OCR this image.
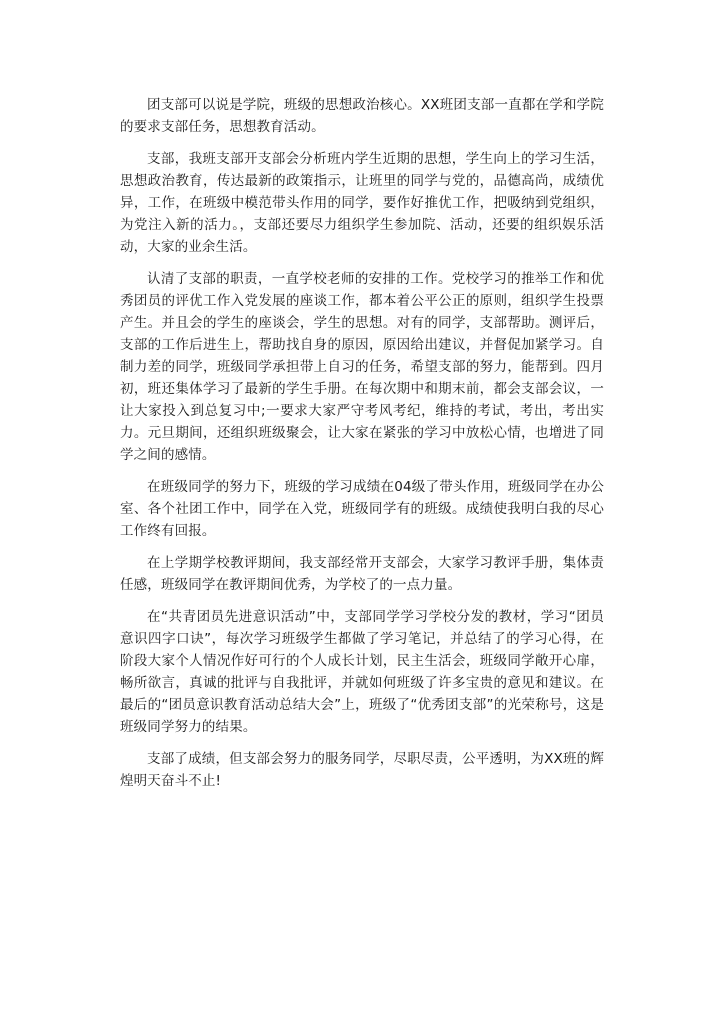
团支部可以说是学院，班级的思想政治核心。XX班团支部一直都在学和学院的要求支部任务，思想教育活动。

支部，我班支部开支部会分析班内学生近期的思想，学生向上的学习生活，思想政治教育，传达最新的政策指示，让班里的同学与党的，品德高尚，成绩优异，工作，在班级中模范带头作用的同学，要作好推优工作，把吸纳到党组织，为党注入新的活力。，支部还要尽力组织学生参加院、活动，还要的组织娱乐活动，大家的业余生活。

认清了支部的职责，一直学校老师的安排的工作。党校学习的推举工作和优秀团员的评优工作入党发展的座谈工作，都本着公平公正的原则，组织学生投票产生。并且会的学生的座谈会，学生的思想。对有的同学，支部帮助。测评后，支部的工作后进生上，帮助找自身的原因，原因给出建议，并督促加紧学习。自制力差的同学，班级同学承担带上自习的任务，希望支部的努力，能帮到。四月初，班还集体学习了最新的学生手册。在每次期中和期末前，都会支部会议，一让大家投入到总复习中;一要求大家严守考风考纪，维持的考试，考出，考出实力。元旦期间，还组织班级聚会，让大家在紧张的学习中放松心情，也增进了同学之间的感情。

在班级同学的努力下，班级的学习成绩在04级了带头作用，班级同学在办公室、各个社团工作中，同学在入党，班级同学有的班级。成绩使我明白我的尽心工作终有回报。

在上学期学校教评期间，我支部经常开支部会，大家学习教评手册，集体责任感，班级同学在教评期间优秀，为学校了的一点力量。

在“共青团员先进意识活动”中，支部同学学习学校分发的教材，学习“团员意识四字口诀”，每次学习班级学生都做了学习笔记，并总结了的学习心得，在阶段大家个人情况作好可行的个人成长计划，民主生活会，班级同学敞开心扉，畅所欲言，真诚的批评与自我批评，并就如何班级了许多宝贵的意见和建议。在最后的“团员意识教育活动总结大会”上，班级了“优秀团支部”的光荣称号，这是班级同学努力的结果。

支部了成绩，但支部会努力的服务同学，尽职尽责，公平透明，为XX班的辉煌明天奋斗不止!
